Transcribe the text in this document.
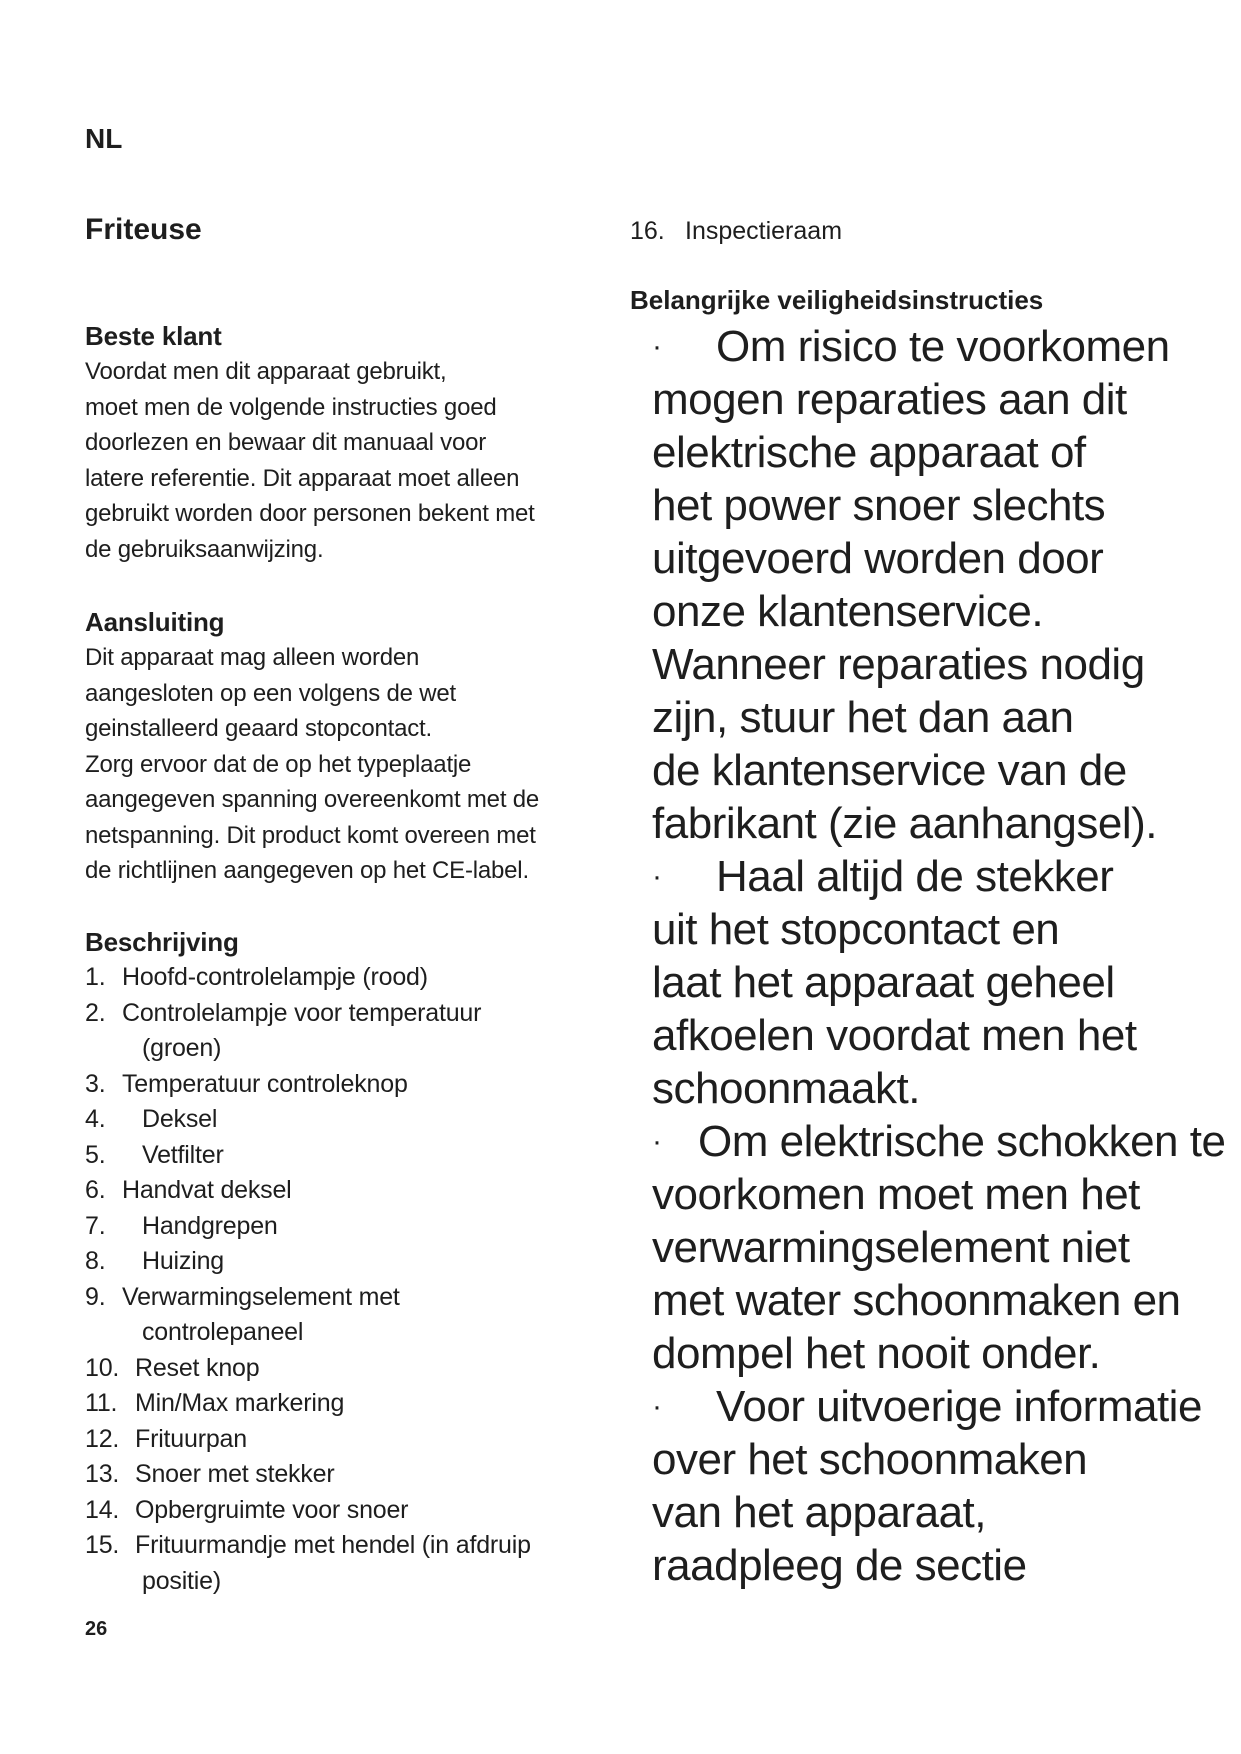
NL
Friteuse
Beste klant
Voordat men dit apparaat gebruikt,
moet men de volgende instructies goed
doorlezen en bewaar dit manuaal voor
latere referentie. Dit apparaat moet alleen
gebruikt worden door personen bekent met
de gebruiksaanwijzing.
Aansluiting
Dit apparaat mag alleen worden
aangesloten op een volgens de wet
geinstalleerd geaard stopcontact.
Zorg ervoor dat de op het typeplaatje
aangegeven spanning overeenkomt met de
netspanning. Dit product komt overeen met
de richtlijnen aangegeven op het CE-label.
Beschrijving
1. Hoofd-controlelampje (rood)
2. Controlelampje voor temperatuur
(groen)
3. Temperatuur controleknop
4.	Deksel
5.	Vetfilter
6. Handvat deksel
7.	Handgrepen
8.	Huizing
9. Verwarmingselement met
controlepaneel
10. Reset knop
11. Min/Max markering
12. Frituurpan
13. Snoer met stekker
14. Opbergruimte voor snoer
15. Frituurmandje met hendel (in afdruip
positie)
26
16. Inspectieraam
Belangrijke veiligheidsinstructies
·	Om risico te voorkomen
mogen reparaties aan dit
elektrische apparaat of
het power snoer slechts
uitgevoerd worden door
onze klantenservice.
Wanneer reparaties nodig
zijn, stuur het dan aan
de klantenservice van de
fabrikant (zie aanhangsel).
·	Haal altijd de stekker
uit het stopcontact en
laat het apparaat geheel
afkoelen voordat men het
schoonmaakt.
· Om elektrische schokken te
voorkomen moet men het
verwarmingselement niet
met water schoonmaken en
dompel het nooit onder.
·	Voor uitvoerige informatie
over het schoonmaken
van het apparaat,
raadpleeg de sectie
